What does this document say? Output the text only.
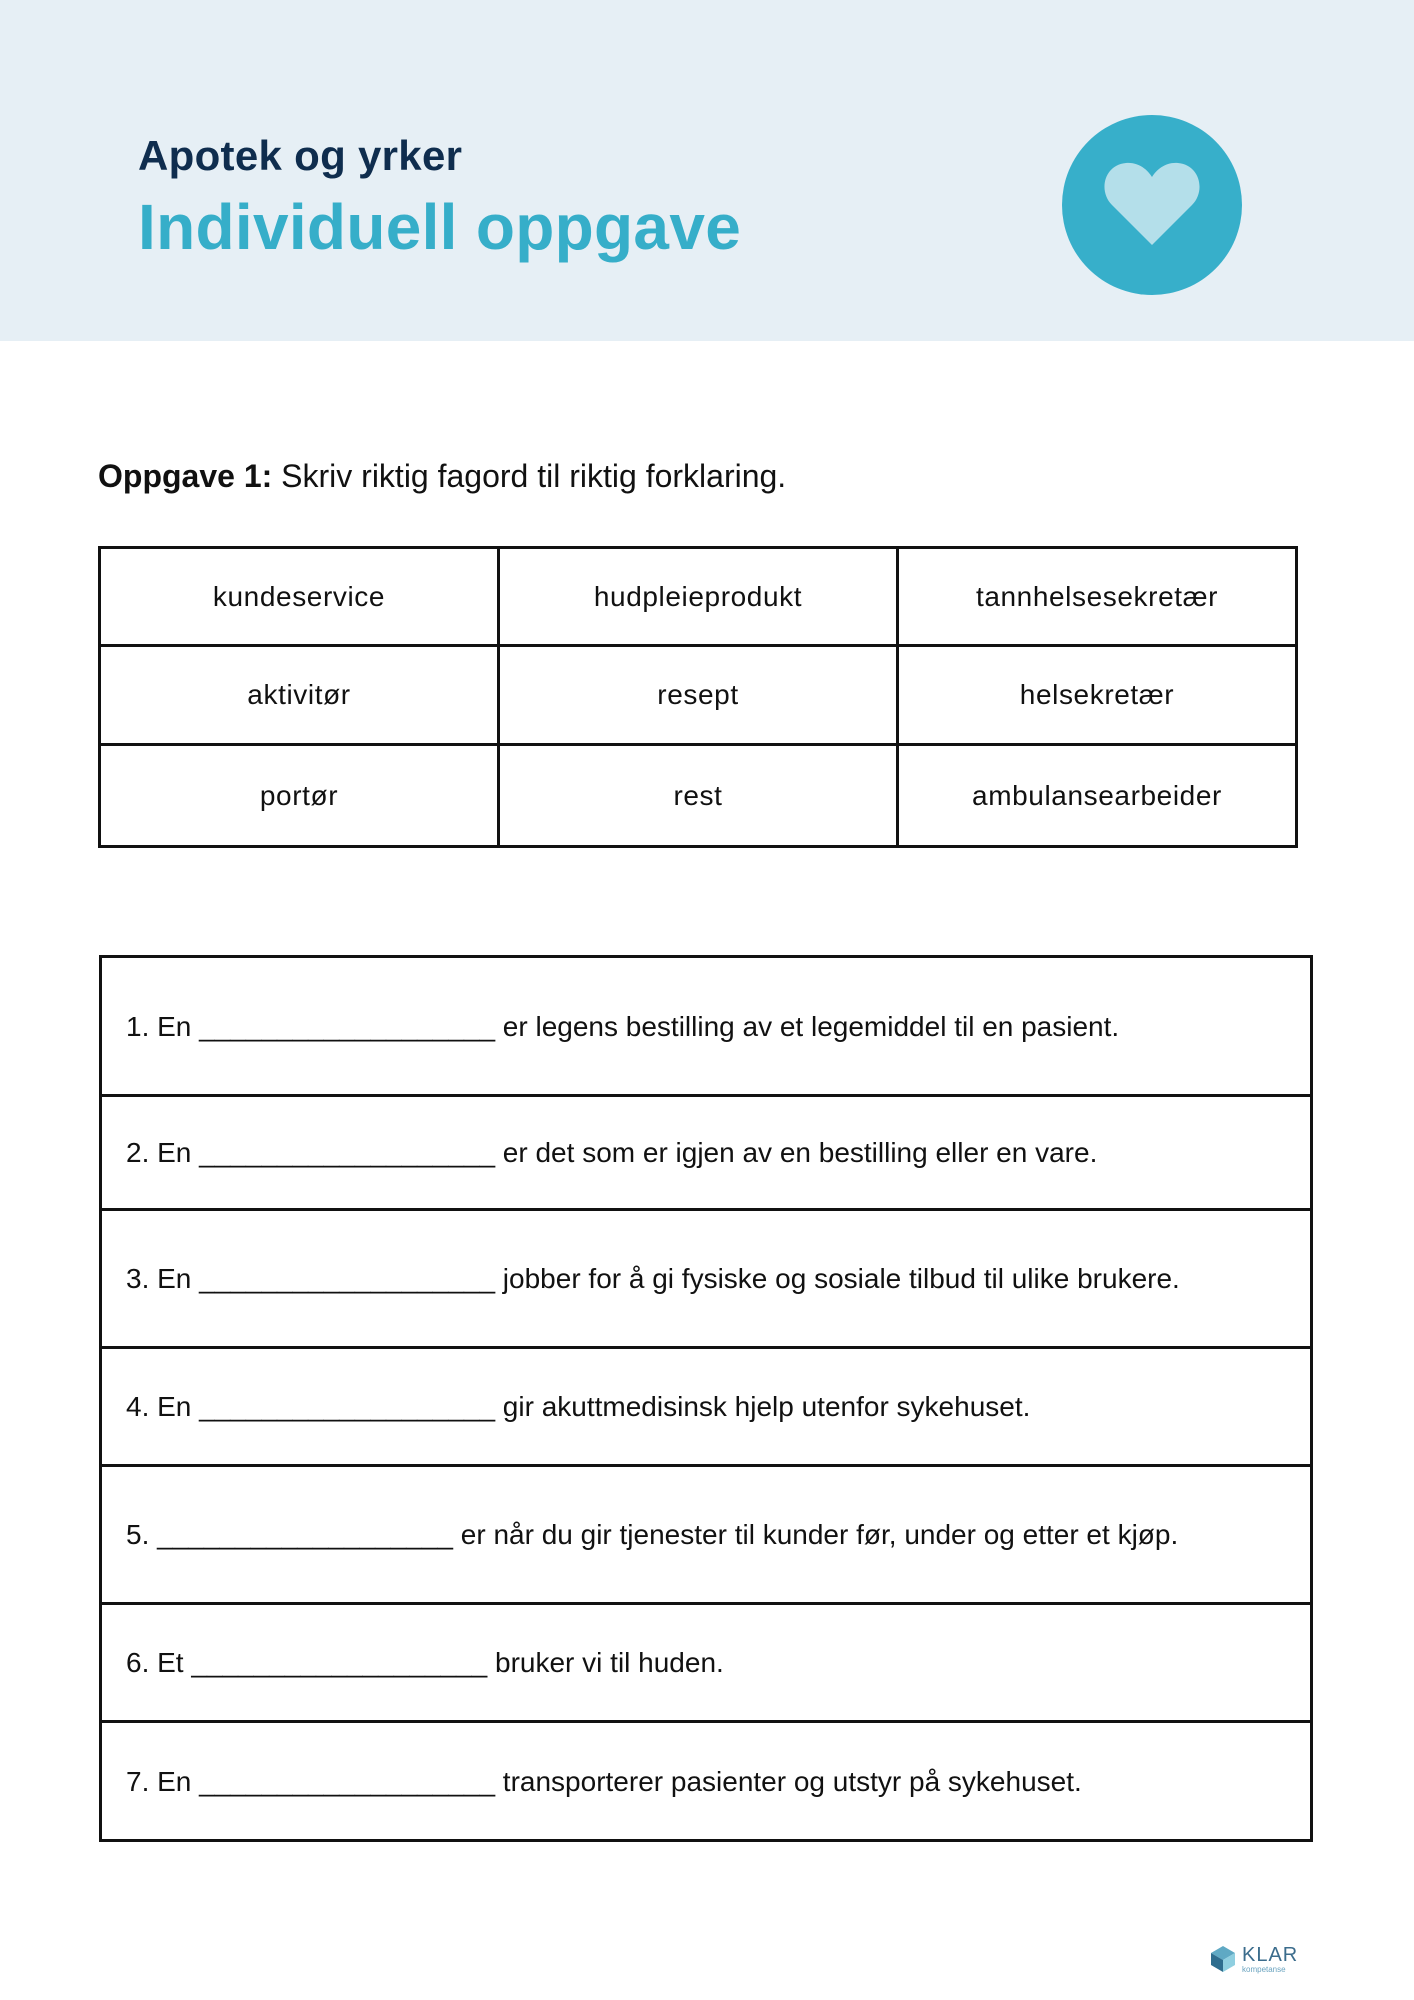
Apotek og yrker
Individuell oppgave
Oppgave 1: Skriv riktig fagord til riktig forklaring.
kundeservice	hudpleieprodukt	tannhelsesekretær
aktivitør	resept	helsekretær
portør	rest	ambulansearbeider
1. En ___________________ er legens bestilling av et legemiddel til en pasient.
2. En ___________________ er det som er igjen av en bestilling eller en vare.
3. En ___________________ jobber for å gi fysiske og sosiale tilbud til ulike brukere.
4. En ___________________ gir akuttmedisinsk hjelp utenfor sykehuset.
5. ___________________ er når du gir tjenester til kunder før, under og etter et kjøp.
6. Et ___________________ bruker vi til huden.
7. En ___________________ transporterer pasienter og utstyr på sykehuset.
KLAR
kompetanse
